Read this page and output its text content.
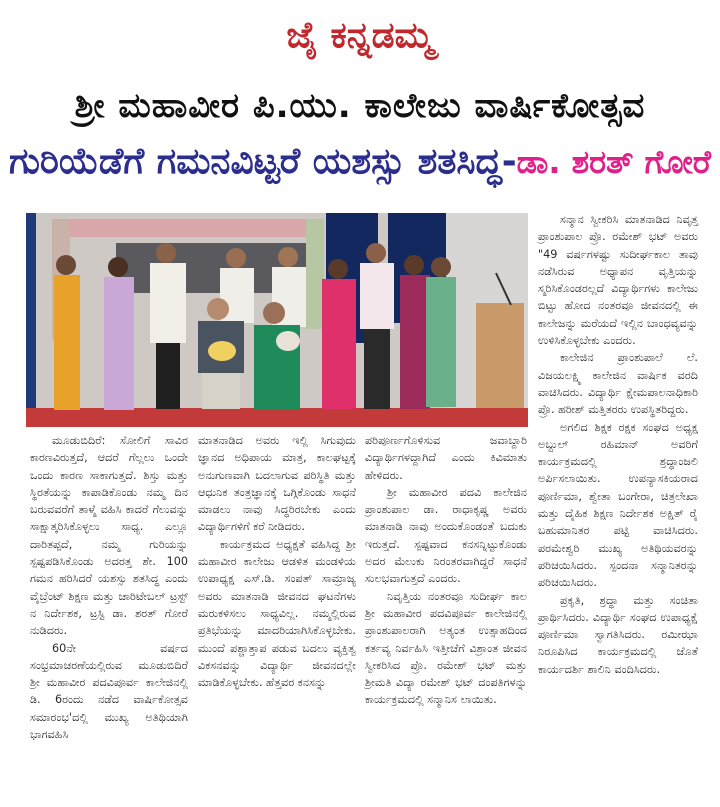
ಜೈ ಕನ್ನಡಮ್ಮ
ಶ್ರೀ ಮಹಾವೀರ ಪಿ.ಯು. ಕಾಲೇಜು ವಾರ್ಷಿಕೋತ್ಸವ
ಗುರಿಯೆಡೆಗೆ ಗಮನವಿಟ್ಟರೆ ಯಶಸ್ಸು ಶತಸಿದ್ಧ-ಡಾ. ಶರತ್ ಗೋರೆ

ಮೂಡುಬಿದಿರೆ: ಸೋಲಿಗೆ ಸಾವಿರ ಕಾರಣವಿರುತ್ತದೆ, ಆದರೆ ಗೆಲ್ಲಲು ಒಂದೇ ಒಂದು ಕಾರಣ ಸಾಕಾಗುತ್ತದೆ. ಶಿಸ್ತು ಮತ್ತು ಸ್ಥಿರತೆಯನ್ನು ಕಾಪಾಡಿಕೊಂಡು ನಮ್ಮ ದಿನ ಬರುವವರೆಗೆ ತಾಳ್ಮೆ ವಹಿಸಿ ಕಾದರೆ ಗೆಲುವನ್ನು ಸಾಕ್ಷಾತ್ಕರಿಸಿಕೊಳ್ಳಲು ಸಾಧ್ಯ. ಎಲ್ಲೂ ದಾರಿತಪ್ಪದೆ, ನಮ್ಮ ಗುರಿಯನ್ನು ಸ್ಪಷ್ಟಪಡಿಸಿಕೊಂಡು ಅದರತ್ತ ಶೇ. 100 ಗಮನ ಹರಿಸಿದರೆ ಯಶಸ್ಸು ಶತಸಿದ್ಧ ಎಂದು ವೈಬ್ರೆಂಟ್ ಶಿಕ್ಷಣ ಮತ್ತು ಚಾರಿಟೇಬಲ್ ಟ್ರಸ್ಟ್ ನ ನಿರ್ದೇಶಕ, ಟ್ರಸ್ಟಿ ಡಾ. ಶರತ್ ಗೋರೆ ನುಡಿದರು.

60ನೇ ವರ್ಷದ ಸಂಭ್ರಮಾಚರಣೆಯಲ್ಲಿರುವ ಮೂಡುಬಿದಿರೆ ಶ್ರೀ ಮಹಾವೀರ ಪದವಿಪೂರ್ವ ಕಾಲೇಜಿನಲ್ಲಿ ಡಿ. 6ರಂದು ನಡೆದ ವಾರ್ಷಿಕೋತ್ಸವ ಸಮಾರಂಭ'ದಲ್ಲಿ ಮುಖ್ಯ ಅತಿಥಿಯಾಗಿ ಭಾಗವಹಿಸಿ

ಮಾತನಾಡಿದ ಅವರು ಇಲ್ಲಿ ಸಿಗುವುದು ಜ್ಞಾನದ ಅಧಿಪಾಯ ಮಾತ್ರ, ಕಾಲಘಟ್ಟಕ್ಕೆ ಅನುಗುಣವಾಗಿ ಬದಲಾಗುವ ಪರಿಸ್ಥಿತಿ ಮತ್ತು ಆಧುನಿಕ ತಂತ್ರಜ್ಞಾನಕ್ಕೆ ಒಗ್ಗಿಕೊಂಡು ಸಾಧನೆ ಮಾಡಲು ನಾವು ಸಿದ್ಧರಿರಬೇಕು ಎಂದು ವಿದ್ಯಾರ್ಥಿಗಳಿಗೆ ಕರೆ ನೀಡಿದರು.

ಕಾರ್ಯಕ್ರಮದ ಅಧ್ಯಕ್ಷತೆ ವಹಿಸಿದ್ದ ಶ್ರೀ ಮಹಾವೀರ ಕಾಲೇಜು ಆಡಳಿತ ಮಂಡಳಿಯ ಉಪಾಧ್ಯಕ್ಷ ಎಸ್.ಡಿ. ಸಂಪತ್ ಸಾಮ್ರಾಜ್ಯ ಅವರು ಮಾತನಾಡಿ ಜೀವನದ ಘಟನೆಗಳು ಮರುಕಳಿಸಲು ಸಾಧ್ಯವಿಲ್ಲ. ನಮ್ಮಲ್ಲಿರುವ ಪ್ರತಿಭೆಯನ್ನು ಮಾದರಿಯಾಗಿಸಿಕೊಳ್ಳಬೇಕು. ಮುಂದೆ ಪಶ್ಚಾತ್ತಾಪ ಪಡುವ ಬದಲು ವ್ಯಕ್ತಿತ್ವ ವಿಕಸನವನ್ನು ವಿದ್ಯಾರ್ಥಿ ಜೀವನದಲ್ಲೇ ಮಾಡಿಕೊಳ್ಳಬೇಕು. ಹೆತ್ತವರ ಕನಸನ್ನು

ಪರಿಪೂರ್ಣಗೊಳಿಸುವ ಜವಾಬ್ದಾರಿ ವಿದ್ಯಾರ್ಥಿಗಳದ್ದಾಗಿದೆ ಎಂದು ಕಿವಿಮಾತು ಹೇಳಿದರು.

ಶ್ರೀ ಮಹಾವೀರ ಪದವಿ ಕಾಲೇಜಿನ ಪ್ರಾಂಶುಪಾಲ ಡಾ. ರಾಧಾಕೃಷ್ಣ ಅವರು ಮಾತನಾಡಿ ನಾವು ಅಂದುಕೊಂಡಂತೆ ಬದುಕು ಇರುತ್ತದೆ. ಸ್ಪಷ್ಟವಾದ ಕನಸನ್ನಿಟ್ಟುಕೊಂಡು ಅದರ ಮೆಲುಕು ನಿರಂತರವಾಗಿದ್ದರೆ ಸಾಧನೆ ಸುಲಭವಾಗುತ್ತದೆ ಎಂದರು.

ನಿವೃತ್ತಿಯ ನಂತರವೂ ಸುದೀರ್ಘ ಕಾಲ ಶ್ರೀ ಮಹಾವೀರ ಪದವಿಪೂರ್ವ ಕಾಲೇಜಿನಲ್ಲಿ ಪ್ರಾಂಶುಪಾಲರಾಗಿ ಅತ್ಯಂತ ಉತ್ಸಾಹದಿಂದ ಕರ್ತವ್ಯ ನಿರ್ವಹಿಸಿ ಇತ್ತೀಚೆಗೆ ವಿಶ್ರಾಂತ ಜೀವನ ಸ್ವೀಕರಿಸಿದ ಪ್ರೊ. ರಮೇಶ್ ಭಟ್ ಮತ್ತು ಶ್ರೀಮತಿ ವಿದ್ಯಾ ರಮೇಶ್ ಭಟ್ ದಂಪತಿಗಳನ್ನು ಕಾರ್ಯಕ್ರಮದಲ್ಲಿ ಸನ್ಮಾನಿಸ ಲಾಯಿತು.

ಸನ್ಮಾನ ಸ್ವೀಕರಿಸಿ ಮಾತನಾಡಿದ ನಿವೃತ್ತ ಪ್ರಾಂಶುಪಾಲ ಪ್ರೊ. ರಮೇಶ್ ಭಟ್ ಅವರು "49 ವರ್ಷಗಳಷ್ಟು ಸುದೀರ್ಘಕಾಲ ತಾವು ನಡೆಸಿರುವ ಅಧ್ಯಾಪನ ವೃತ್ತಿಯನ್ನು ಸ್ಮರಿಸಿಕೊಂಡರಲ್ಲದೆ ವಿದ್ಯಾರ್ಥಿಗಳು ಕಾಲೇಜು ಬಿಟ್ಟು ಹೋದ ನಂತರವೂ ಜೀವನದಲ್ಲಿ ಈ ಕಾಲೇಜನ್ನು ಮರೆಯದೆ ಇಲ್ಲಿನ ಬಾಂಧವ್ಯವನ್ನು ಉಳಿಸಿಕೊಳ್ಳಬೇಕು ಎಂದರು.

ಕಾಲೇಜಿನ ಪ್ರಾಂಶುಪಾಲೆ ಲೆ. ವಿಜಯಲಕ್ಷ್ಮಿ ಕಾಲೇಜಿನ ವಾರ್ಷಿಕ ವರದಿ ವಾಚಿಸಿದರು. ವಿದ್ಯಾರ್ಥಿ ಕ್ಷೇಮಪಾಲನಾಧಿಕಾರಿ ಪ್ರೊ. ಹರೀಶ್ ಮತ್ತಿತರರು ಉಪಸ್ಥಿತರಿದ್ದರು.

ಅಗಲಿದ ಶಿಕ್ಷಕ ರಕ್ಷಕ ಸಂಘದ ಅಧ್ಯಕ್ಷ ಅಬ್ದುಲ್ ರಹಿಮಾನ್ ಅವರಿಗೆ ಕಾರ್ಯಕ್ರಮದಲ್ಲಿ ಶ್ರದ್ಧಾಂಜಲಿ ಅರ್ಪಿಸಲಾಯಿತು. ಉಪನ್ಯಾಸಕಿಯರಾದ ಪೂರ್ಣಿಮಾ, ಶ್ವೇತಾ ಬಂಗೇರಾ, ಚಿತ್ರಲೇಖಾ ಮತ್ತು ದೈಹಿಕ ಶಿಕ್ಷಣ ನಿರ್ದೇಶಕ ಅಕ್ಷಿತ್ ರೈ ಬಹುಮಾನಿತರ ಪಟ್ಟಿ ವಾಚಿಸಿದರು. ಪರಮೇಶ್ವರಿ ಮುಖ್ಯ ಅತಿಥಿಯವರನ್ನು ಪರಿಚಯಿಸಿದರು. ಸ್ಪಂದನಾ ಸನ್ಮಾನಿತರನ್ನು ಪರಿಚಯಿಸಿದರು.

ಪ್ರಕೃತಿ, ಶ್ರದ್ಧಾ ಮತ್ತು ಸಂಚಿತಾ ಪ್ರಾರ್ಥಿಸಿದರು. ವಿದ್ಯಾರ್ಥಿ ಸಂಘದ ಉಪಾಧ್ಯಕ್ಷೆ ಪೂರ್ಣಿಮಾ ಸ್ವಾಗತಿಸಿದರು. ರಮೀಝಾ ನಿರೂಪಿಸಿದ ಕಾರ್ಯಕ್ರಮದಲ್ಲಿ ಜೊತೆ ಕಾರ್ಯದರ್ಶಿ ಶಾಲಿನಿ ವಂದಿಸಿದರು.
